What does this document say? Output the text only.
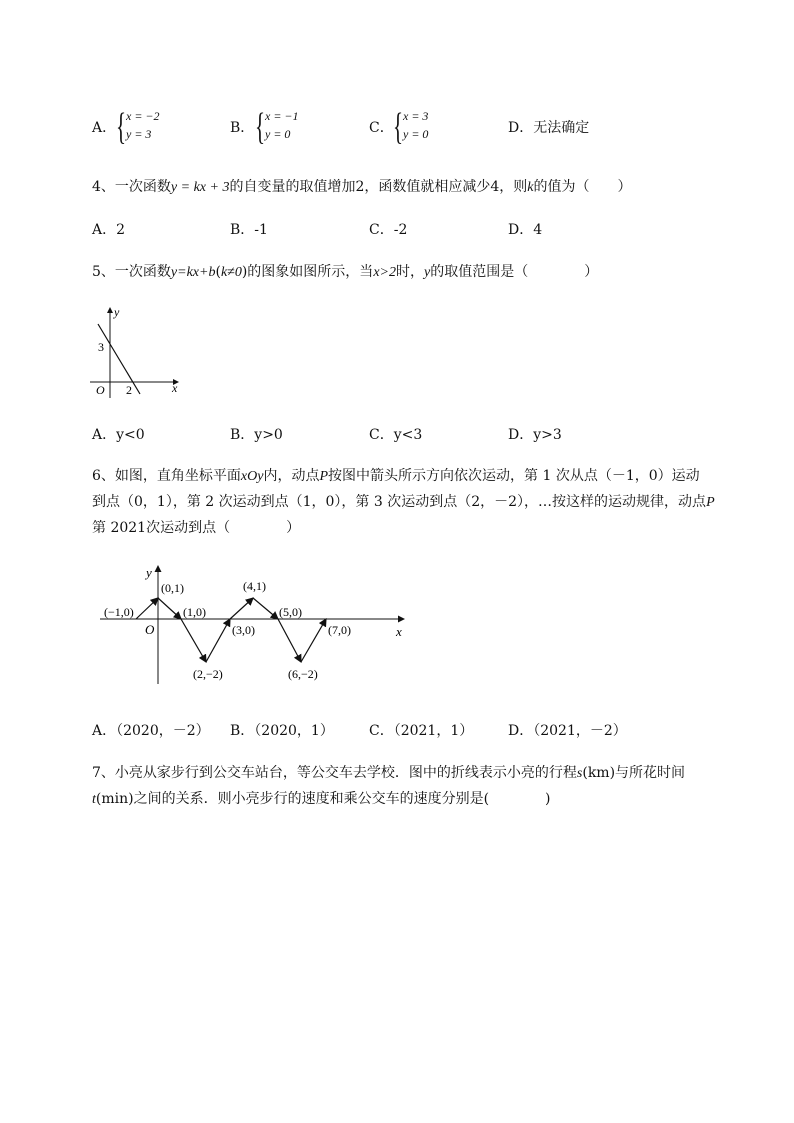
A． { x = −2
y = 3	B． { x = −1
y = 0	C． { x = 3
y = 0	D．无法确定
4、一次函数y = kx + 3的自变量的取值增加2，函数值就相应减少4，则k的值为（　　）
A．2	B．-1	C．-2	D．4
5、一次函数y=kx+b(k≠0)的图象如图所示，当x>2时，y的取值范围是（　　　　）
y
x
O
3
2
A．y<0	B．y>0	C．y<3	D．y>3
6、如图，直角坐标平面xOy内，动点P按图中箭头所示方向依次运动，第 1 次从点（－1，0）运动
到点（0，1），第 2 次运动到点（1，0），第 3 次运动到点（2，－2），…按这样的运动规律，动点P
第 2021次运动到点（　　　　）
y
x
O
(−1,0)
(0,1)
(1,0)
(2,−2)
(3,0)
(4,1)
(5,0)
(6,−2)
(7,0)
A．（2020，－2） B．（2020，1）	C．（2021，1） D．（2021，－2）
7、小亮从家步行到公交车站台，等公交车去学校．图中的折线表示小亮的行程s(km)与所花时间
t(min)之间的关系．则小亮步行的速度和乘公交车的速度分别是(　　　　)
